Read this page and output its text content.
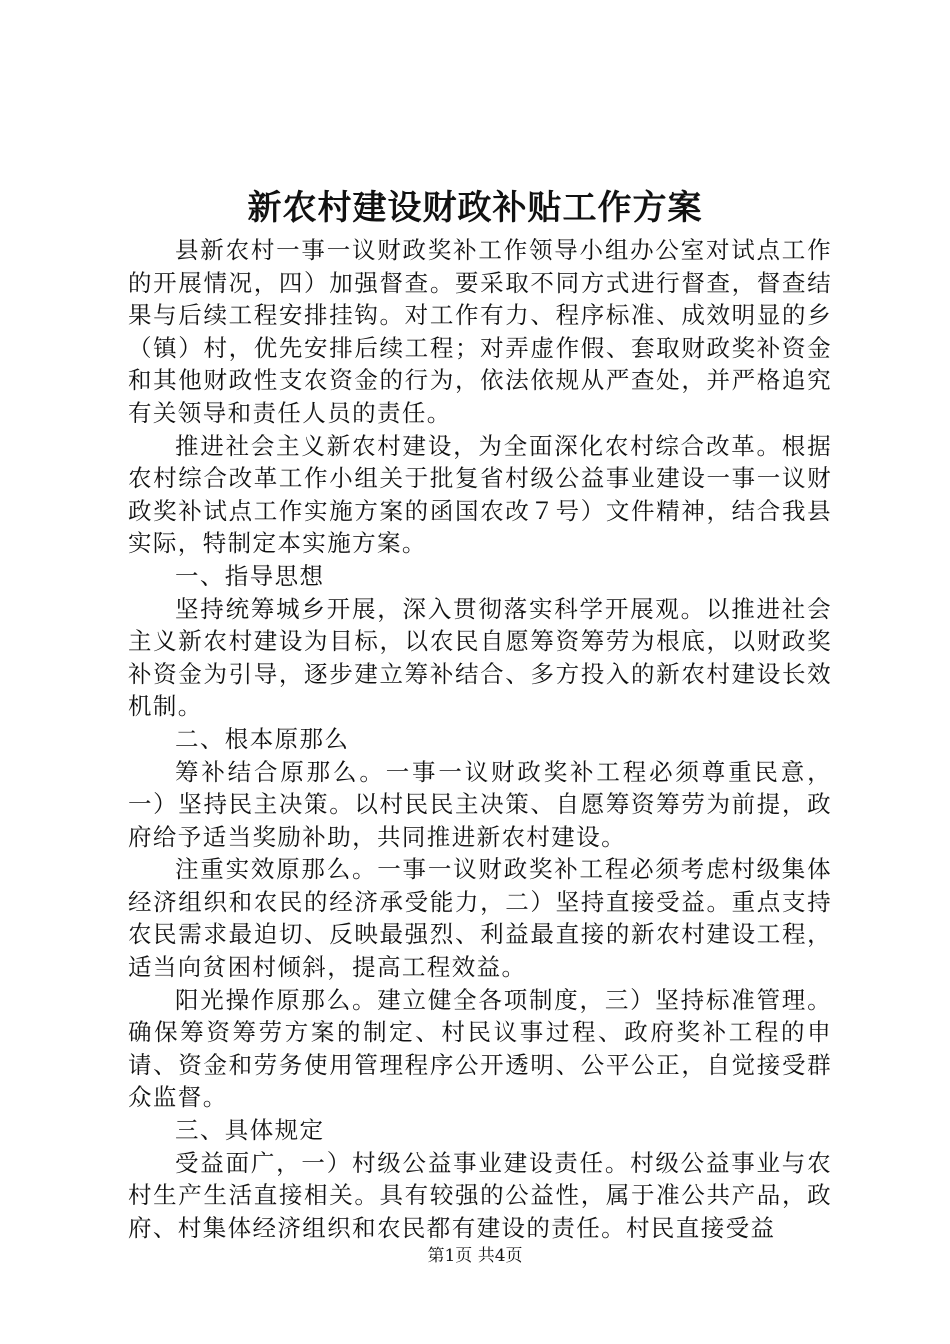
新农村建设财政补贴工作方案

县新农村一事一议财政奖补工作领导小组办公室对试点工作的开展情况，四）加强督查。要采取不同方式进行督查，督查结果与后续工程安排挂钩。对工作有力、程序标准、成效明显的乡（镇）村，优先安排后续工程；对弄虚作假、套取财政奖补资金和其他财政性支农资金的行为，依法依规从严查处，并严格追究有关领导和责任人员的责任。

推进社会主义新农村建设，为全面深化农村综合改革。根据农村综合改革工作小组关于批复省村级公益事业建设一事一议财政奖补试点工作实施方案的函国农改７号）文件精神，结合我县实际，特制定本实施方案。

一、指导思想

坚持统筹城乡开展，深入贯彻落实科学开展观。以推进社会主义新农村建设为目标，以农民自愿筹资筹劳为根底，以财政奖补资金为引导，逐步建立筹补结合、多方投入的新农村建设长效机制。

二、根本原那么

筹补结合原那么。一事一议财政奖补工程必须尊重民意，一）坚持民主决策。以村民民主决策、自愿筹资筹劳为前提，政府给予适当奖励补助，共同推进新农村建设。

注重实效原那么。一事一议财政奖补工程必须考虑村级集体经济组织和农民的经济承受能力，二）坚持直接受益。重点支持农民需求最迫切、反映最强烈、利益最直接的新农村建设工程，适当向贫困村倾斜，提高工程效益。

阳光操作原那么。建立健全各项制度，三）坚持标准管理。确保筹资筹劳方案的制定、村民议事过程、政府奖补工程的申请、资金和劳务使用管理程序公开透明、公平公正，自觉接受群众监督。

三、具体规定

受益面广，一）村级公益事业建设责任。村级公益事业与农村生产生活直接相关。具有较强的公益性，属于准公共产品，政府、村集体经济组织和农民都有建设的责任。村民直接受益

第1页 共4页
